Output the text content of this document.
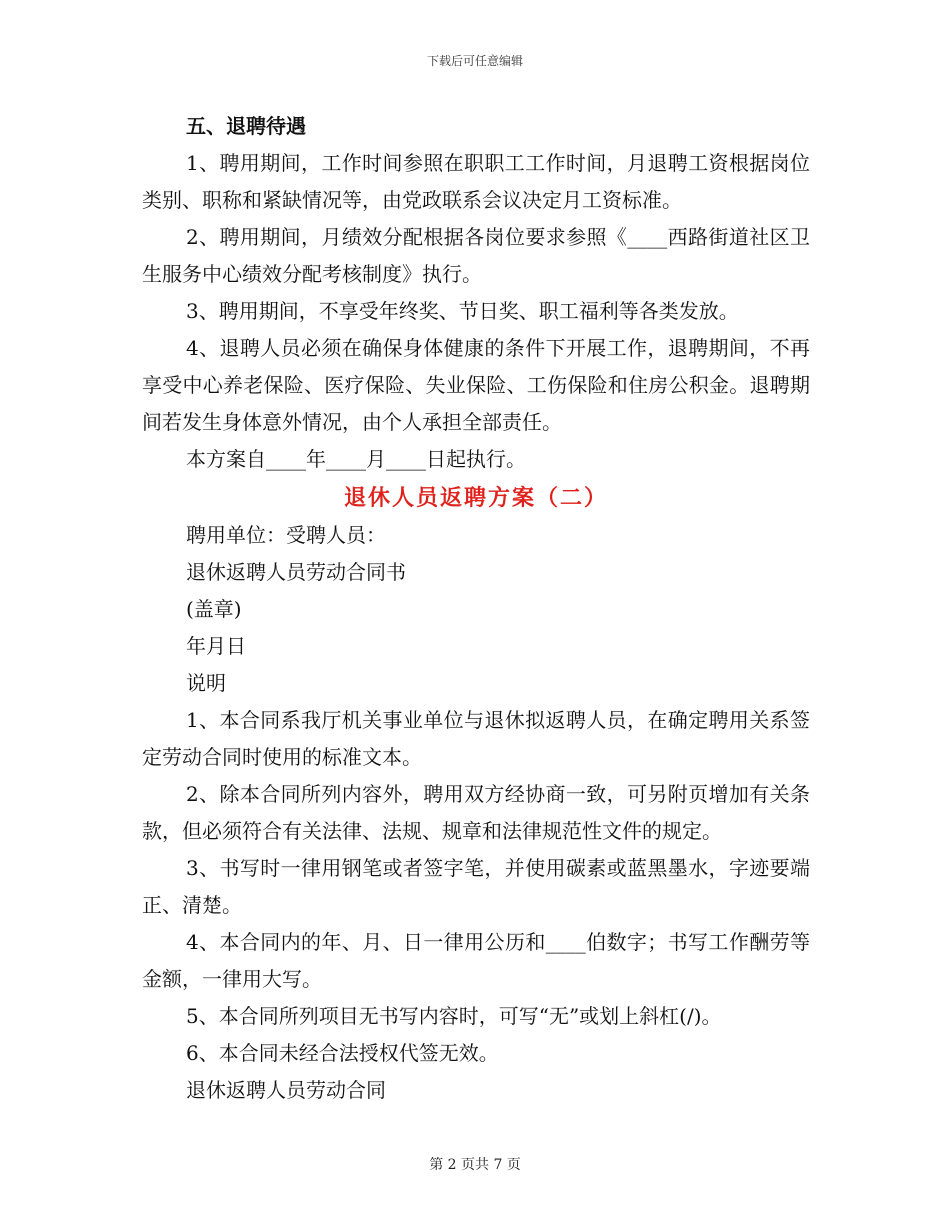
下载后可任意编辑

五、退聘待遇

1、聘用期间，工作时间参照在职职工工作时间，月退聘工资根据岗位类别、职称和紧缺情况等，由党政联系会议决定月工资标准。

2、聘用期间，月绩效分配根据各岗位要求参照《____西路街道社区卫生服务中心绩效分配考核制度》执行。

3、聘用期间，不享受年终奖、节日奖、职工福利等各类发放。

4、退聘人员必须在确保身体健康的条件下开展工作，退聘期间，不再享受中心养老保险、医疗保险、失业保险、工伤保险和住房公积金。退聘期间若发生身体意外情况，由个人承担全部责任。

本方案自____年____月____日起执行。

退休人员返聘方案（二）

聘用单位：受聘人员：

退休返聘人员劳动合同书

(盖章)

年月日

说明

1、本合同系我厅机关事业单位与退休拟返聘人员，在确定聘用关系签定劳动合同时使用的标准文本。

2、除本合同所列内容外，聘用双方经协商一致，可另附页增加有关条款，但必须符合有关法律、法规、规章和法律规范性文件的规定。

3、书写时一律用钢笔或者签字笔，并使用碳素或蓝黑墨水，字迹要端正、清楚。

4、本合同内的年、月、日一律用公历和____伯数字；书写工作酬劳等金额，一律用大写。

5、本合同所列项目无书写内容时，可写“无”或划上斜杠(/)。

6、本合同未经合法授权代签无效。

退休返聘人员劳动合同

第 2 页共 7 页
